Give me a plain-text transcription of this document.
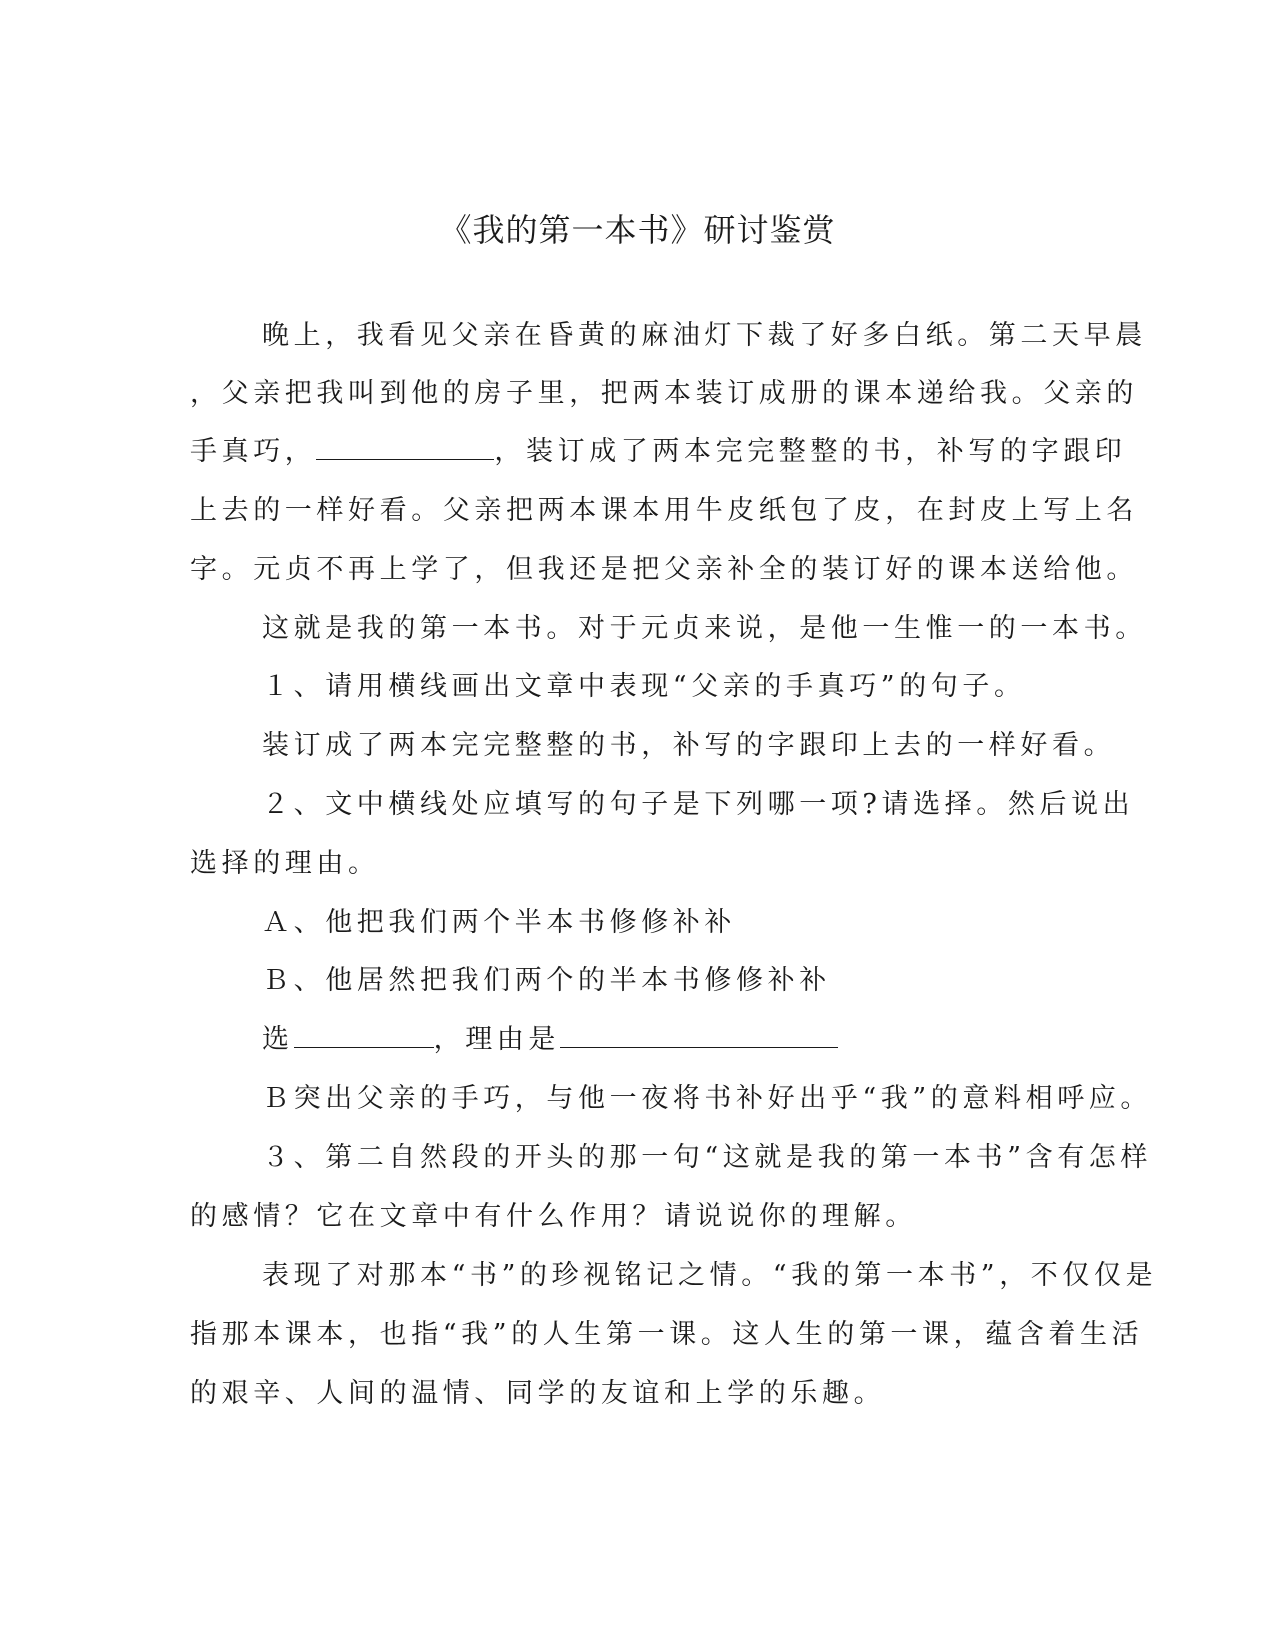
《我的第一本书》研讨鉴赏
晚上，我看见父亲在昏黄的麻油灯下裁了好多白纸。第二天早晨
，父亲把我叫到他的房子里，把两本装订成册的课本递给我。父亲的
手真巧，	，装订成了两本完完整整的书，补写的字跟印
上去的一样好看。父亲把两本课本用牛皮纸包了皮，在封皮上写上名
字。元贞不再上学了，但我还是把父亲补全的装订好的课本送给他。
这就是我的第一本书。对于元贞来说，是他一生惟一的一本书。
１、请用横线画出文章中表现“父亲的手真巧”的句子。
装订成了两本完完整整的书，补写的字跟印上去的一样好看。
２、文中横线处应填写的句子是下列哪一项?请选择。然后说出
选择的理由。
Ａ、他把我们两个半本书修修补补
Ｂ、他居然把我们两个的半本书修修补补
选	，理由是
Ｂ突出父亲的手巧，与他一夜将书补好出乎“我”的意料相呼应。
３、第二自然段的开头的那一句“这就是我的第一本书”含有怎样
的感情？它在文章中有什么作用？请说说你的理解。
表现了对那本“书”的珍视铭记之情。“我的第一本书”，不仅仅是
指那本课本，也指“我”的人生第一课。这人生的第一课，蕴含着生活
的艰辛、人间的温情、同学的友谊和上学的乐趣。
